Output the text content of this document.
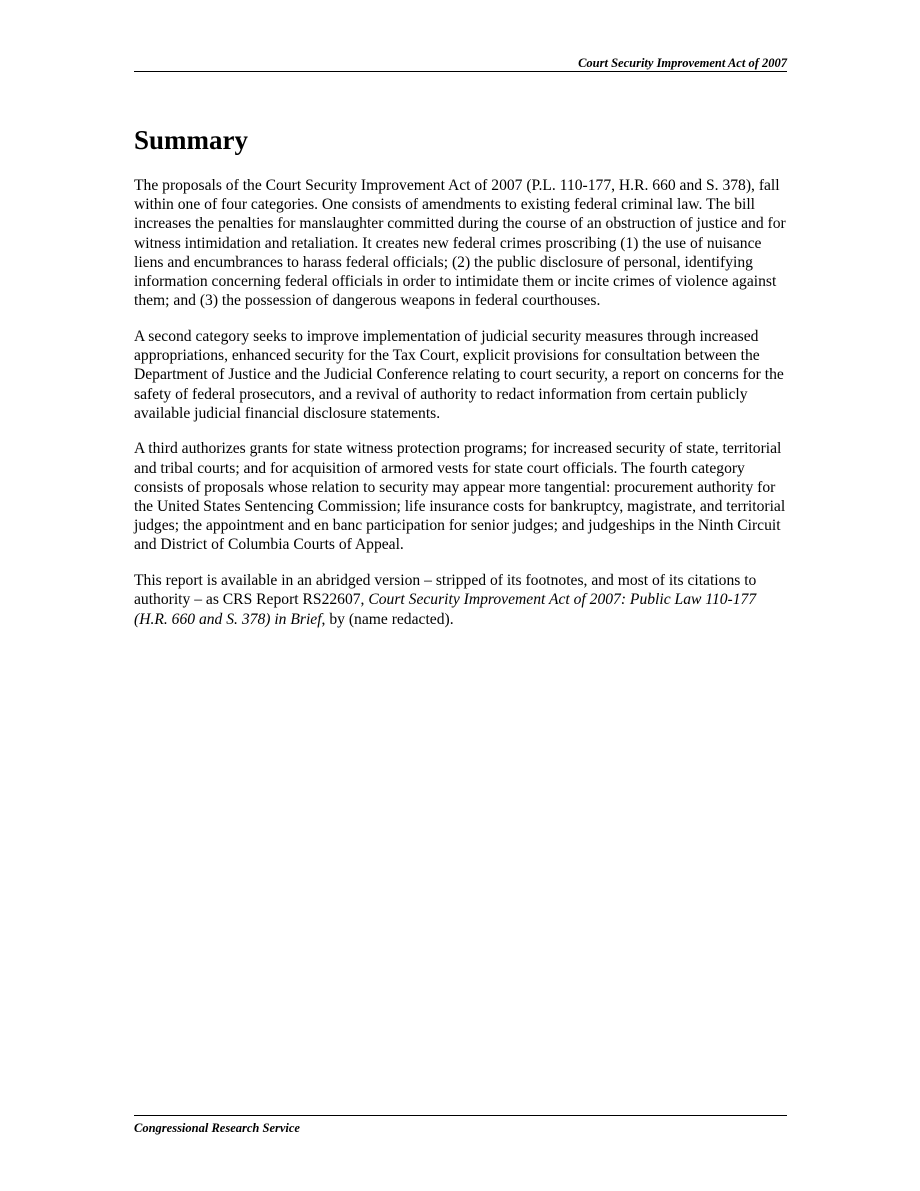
Court Security Improvement Act of 2007
Summary

The proposals of the Court Security Improvement Act of 2007 (P.L. 110-177, H.R. 660 and S. 378), fall within one of four categories. One consists of amendments to existing federal criminal law. The bill increases the penalties for manslaughter committed during the course of an obstruction of justice and for witness intimidation and retaliation. It creates new federal crimes proscribing (1) the use of nuisance liens and encumbrances to harass federal officials; (2) the public disclosure of personal, identifying information concerning federal officials in order to intimidate them or incite crimes of violence against them; and (3) the possession of dangerous weapons in federal courthouses.

A second category seeks to improve implementation of judicial security measures through increased appropriations, enhanced security for the Tax Court, explicit provisions for consultation between the Department of Justice and the Judicial Conference relating to court security, a report on concerns for the safety of federal prosecutors, and a revival of authority to redact information from certain publicly available judicial financial disclosure statements.

A third authorizes grants for state witness protection programs; for increased security of state, territorial and tribal courts; and for acquisition of armored vests for state court officials. The fourth category consists of proposals whose relation to security may appear more tangential: procurement authority for the United States Sentencing Commission; life insurance costs for bankruptcy, magistrate, and territorial judges; the appointment and en banc participation for senior judges; and judgeships in the Ninth Circuit and District of Columbia Courts of Appeal.

This report is available in an abridged version – stripped of its footnotes, and most of its citations to authority – as CRS Report RS22607, Court Security Improvement Act of 2007: Public Law 110-177 (H.R. 660 and S. 378) in Brief, by (name redacted).

Congressional Research Service
